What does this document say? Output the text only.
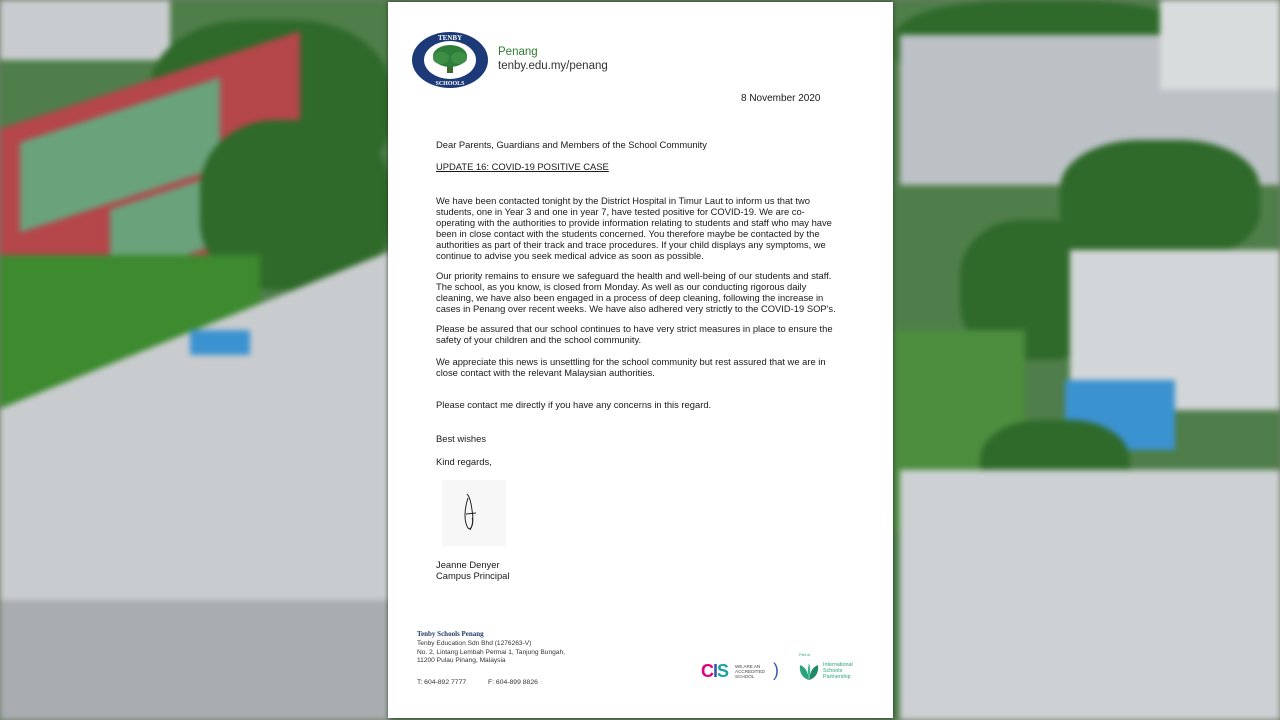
TENBY
SCHOOLS
Penang
tenby.edu.my/penang
8 November 2020
Dear Parents, Guardians and Members of the School Community
UPDATE 16: COVID-19 POSITIVE CASE

We have been contacted tonight by the District Hospital in Timur Laut to inform us that two students, one in Year 3 and one in year 7, have tested positive for COVID-19. We are co-operating with the authorities to provide information relating to students and staff who may have been in close contact with the students concerned. You therefore maybe be contacted by the authorities as part of their track and trace procedures. If your child displays any symptoms, we continue to advise you seek medical advice as soon as possible.

Our priority remains to ensure we safeguard the health and well-being of our students and staff. The school, as you know, is closed from Monday. As well as our conducting rigorous daily cleaning, we have also been engaged in a process of deep cleaning, following the increase in cases in Penang over recent weeks. We have also adhered very strictly to the COVID-19 SOP's.

Please be assured that our school continues to have very strict measures in place to ensure the safety of your children and the school community.

We appreciate this news is unsettling for the school community but rest assured that we are in close contact with the relevant Malaysian authorities.

Please contact me directly if you have any concerns in this regard.

Best wishes
Kind regards,
Jeanne Denyer
Campus Principal
Tenby Schools Penang
Tenby Education Sdn Bhd (1276263-V)
No. 2, Lintang Lembah Permai 1, Tanjung Bungah,
11200 Pulau Pinang, Malaysia
T: 604-892 7777	F: 604-899 8826
CIS WE ARE AN ACCREDITED SCHOOL	)
Part of
International Schools Partnership
